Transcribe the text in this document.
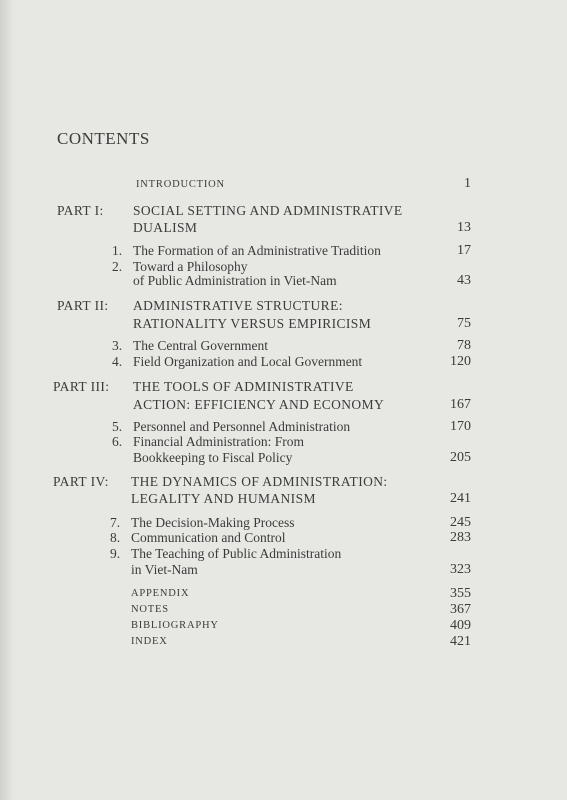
CONTENTS
INTRODUCTION	1
PART I: SOCIAL SETTING AND ADMINISTRATIVE
DUALISM	13
1. The Formation of an Administrative Tradition	17
2. Toward a Philosophy
of Public Administration in Viet-Nam	43
PART II: ADMINISTRATIVE STRUCTURE:
RATIONALITY VERSUS EMPIRICISM	75
3. The Central Government	78
4. Field Organization and Local Government	120
PART III: THE TOOLS OF ADMINISTRATIVE
ACTION: EFFICIENCY AND ECONOMY	167
5. Personnel and Personnel Administration	170
6. Financial Administration: From
Bookkeeping to Fiscal Policy	205
PART IV: THE DYNAMICS OF ADMINISTRATION:
LEGALITY AND HUMANISM	241
7. The Decision-Making Process	245
8. Communication and Control	283
9. The Teaching of Public Administration
in Viet-Nam	323
APPENDIX	355
NOTES	367
BIBLIOGRAPHY	409
INDEX	421
